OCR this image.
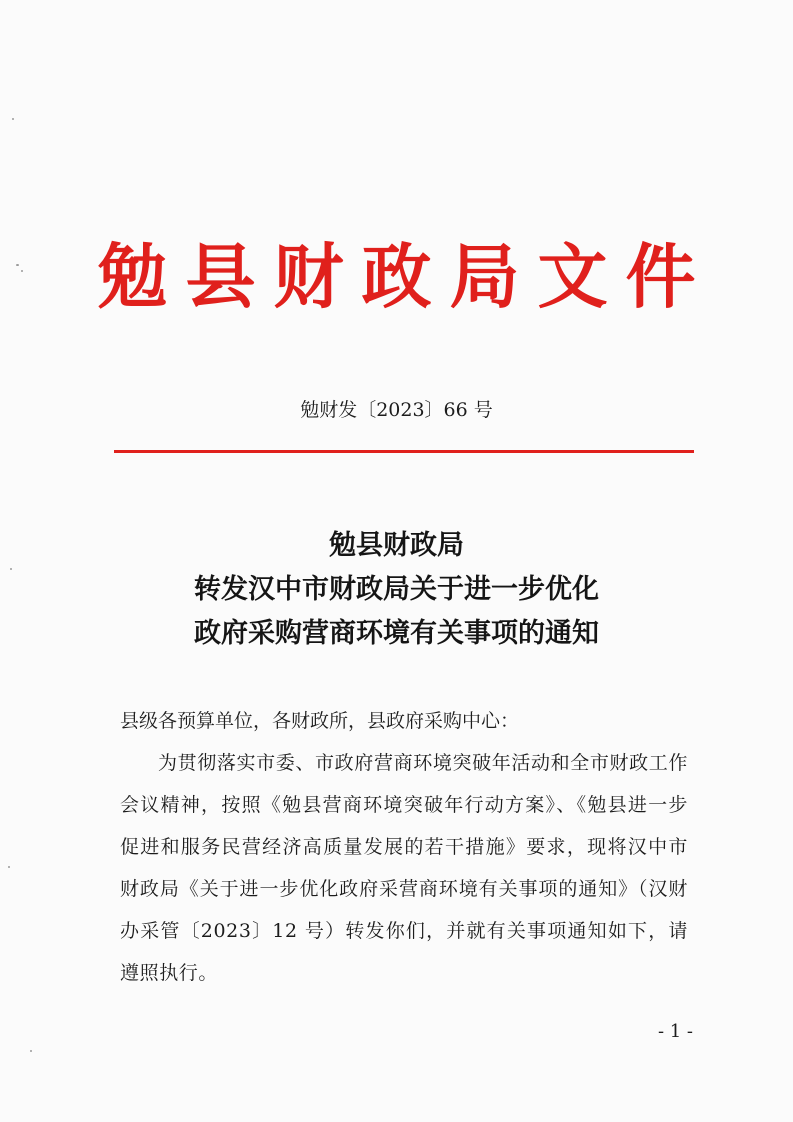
勉县财政局文件
勉财发〔2023〕66 号
勉县财政局
转发汉中市财政局关于进一步优化
政府采购营商环境有关事项的通知
县级各预算单位，各财政所，县政府采购中心：
为贯彻落实市委、市政府营商环境突破年活动和全市财政工作会议精神，按照《勉县营商环境突破年行动方案》、《勉县进一步促进和服务民营经济高质量发展的若干措施》要求，现将汉中市财政局《关于进一步优化政府采营商环境有关事项的通知》（汉财办采管〔2023〕12 号）转发你们，并就有关事项通知如下，请遵照执行。
- 1 -
